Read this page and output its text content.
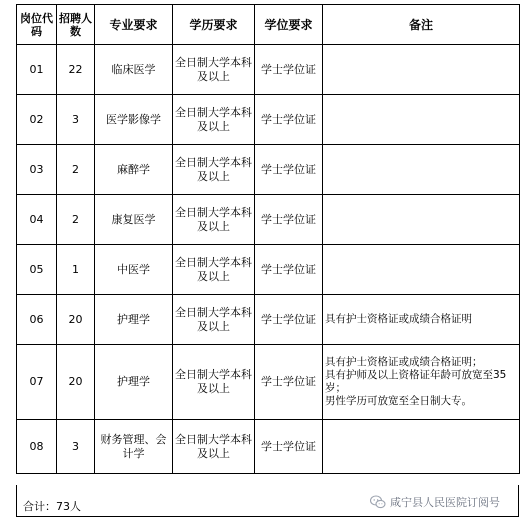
岗位代码	招聘人数	专业要求	学历要求	学位要求	备注
01	22	临床医学	全日制大学本科及以上	学士学位证	
02	3	医学影像学	全日制大学本科及以上	学士学位证	
03	2	麻醉学	全日制大学本科及以上	学士学位证	
04	2	康复医学	全日制大学本科及以上	学士学位证	
05	1	中医学	全日制大学本科及以上	学士学位证	
06	20	护理学	全日制大学本科及以上	学士学位证	具有护士资格证或成绩合格证明
07	20	护理学	全日制大学本科及以上	学士学位证	具有护士资格证或成绩合格证明；
具有护师及以上资格证年龄可放宽至35岁；
男性学历可放宽至全日制大专。

08	3	财务管理、会计学	全日制大学本科及以上	学士学位证	
合计：73人	咸宁县人民医院订阅号
